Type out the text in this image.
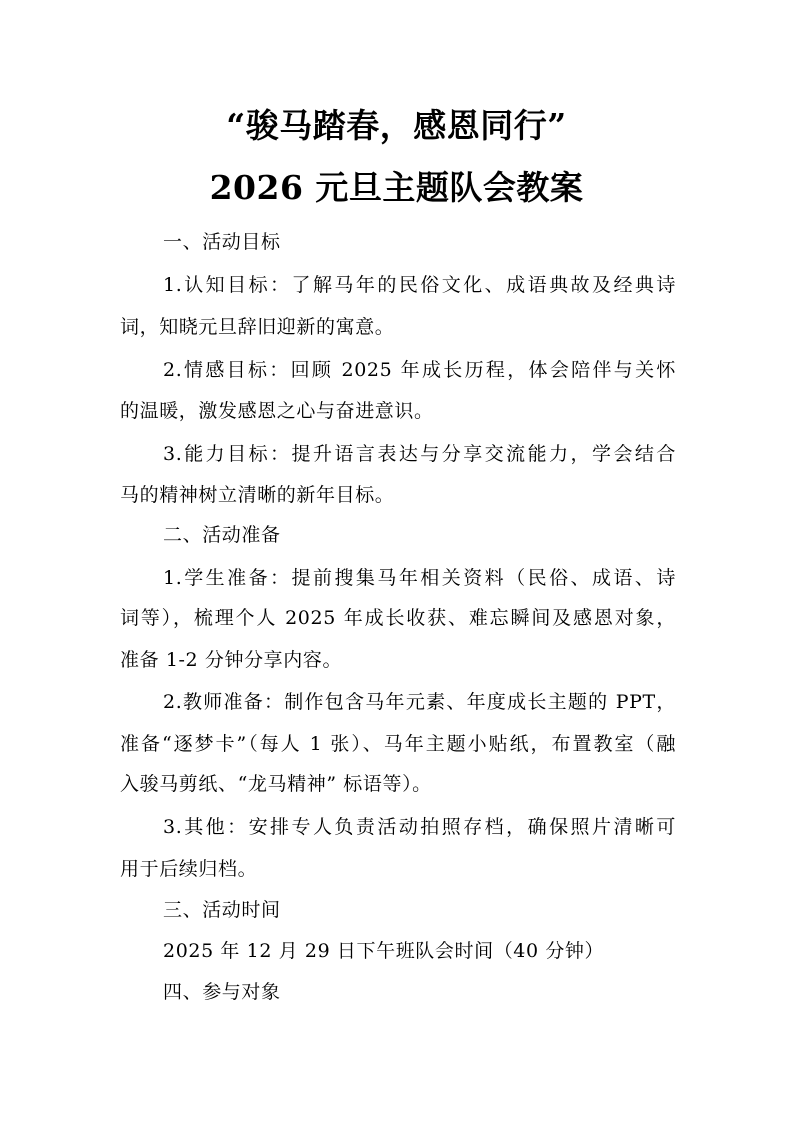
“骏马踏春，感恩同行”
2026 元旦主题队会教案
一、活动目标
1.认知目标：了解马年的民俗文化、成语典故及经典诗
词，知晓元旦辞旧迎新的寓意。
2.情感目标：回顾 2025 年成长历程，体会陪伴与关怀
的温暖，激发感恩之心与奋进意识。
3.能力目标：提升语言表达与分享交流能力，学会结合
马的精神树立清晰的新年目标。
二、活动准备
1.学生准备：提前搜集马年相关资料（民俗、成语、诗
词等），梳理个人 2025 年成长收获、难忘瞬间及感恩对象，
准备 1-2 分钟分享内容。
2.教师准备：制作包含马年元素、年度成长主题的 PPT，
准备“逐梦卡”（每人 1 张）、马年主题小贴纸，布置教室（融
入骏马剪纸、“龙马精神” 标语等）。
3.其他：安排专人负责活动拍照存档，确保照片清晰可
用于后续归档。
三、活动时间
2025 年 12 月 29 日下午班队会时间（40 分钟）
四、参与对象
